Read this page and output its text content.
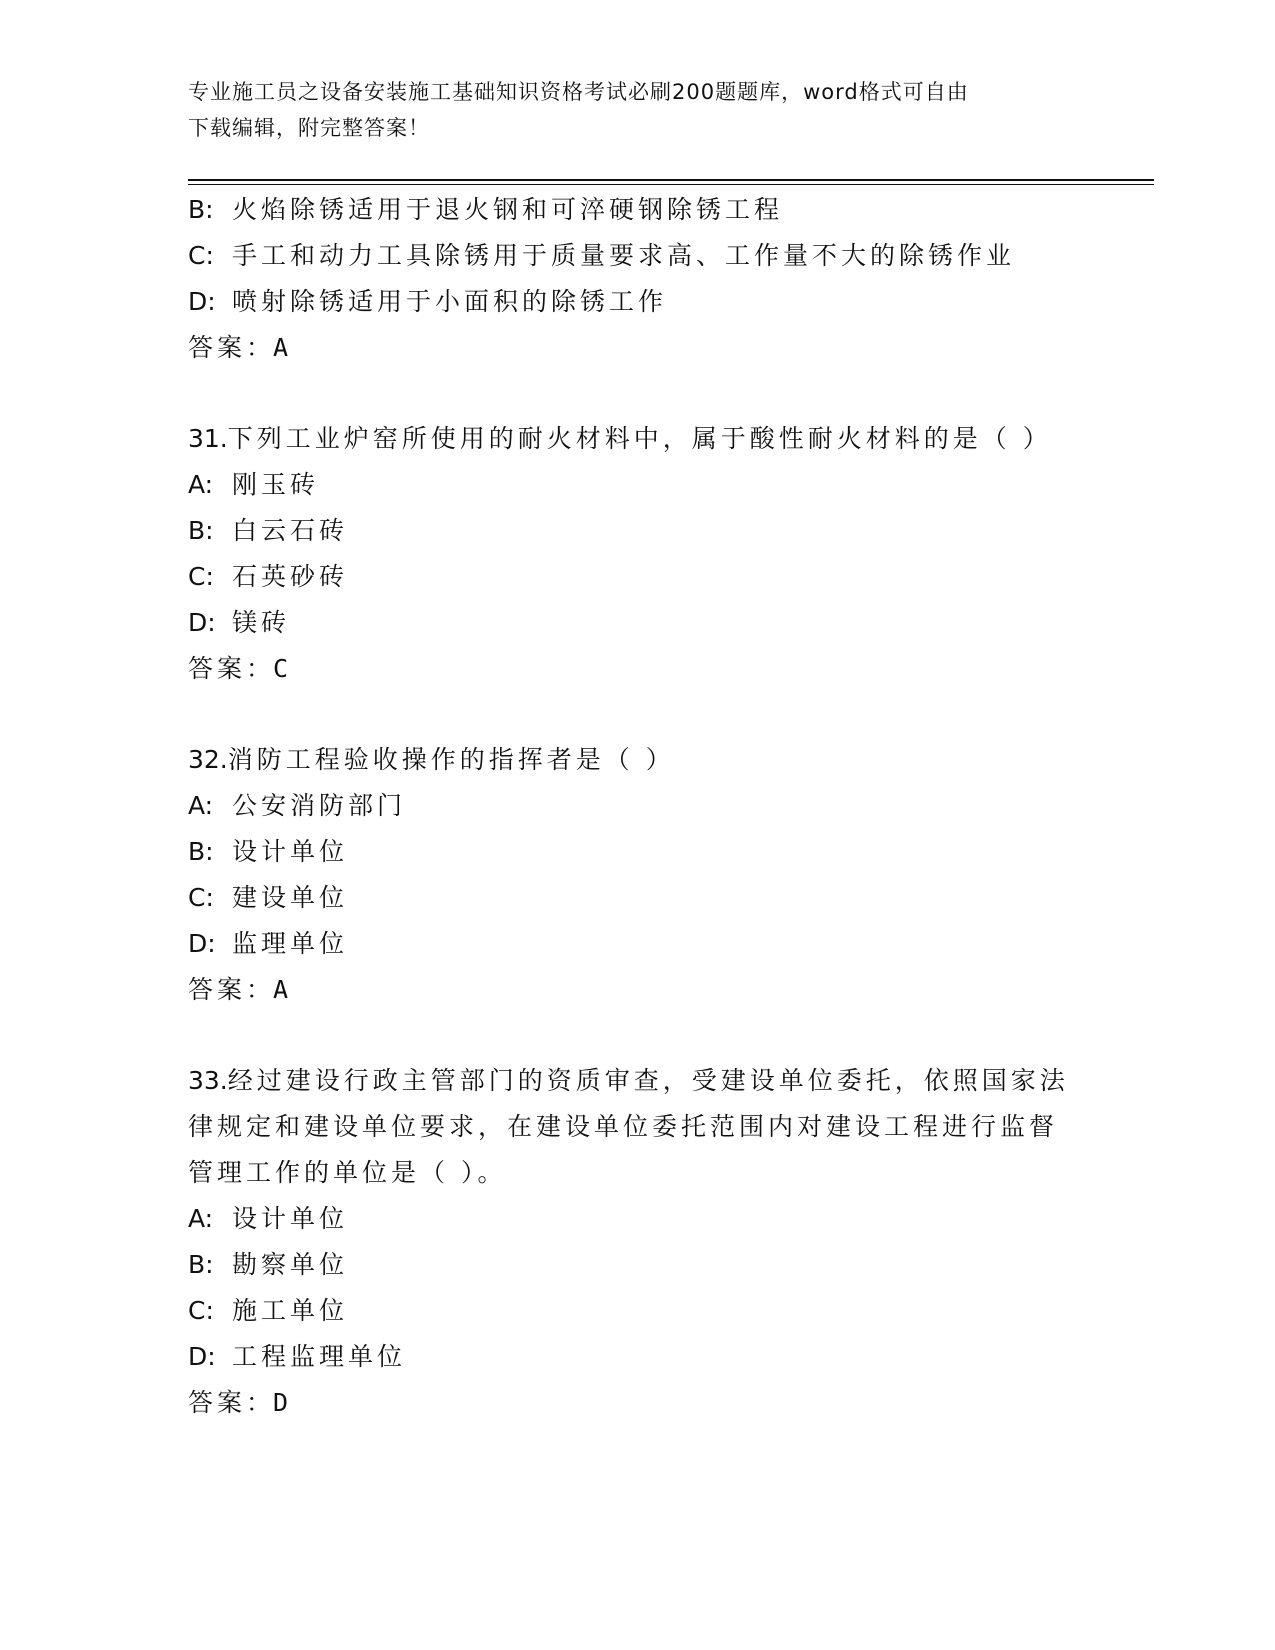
专业施工员之设备安装施工基础知识资格考试必刷200题题库，word格式可自由
下载编辑，附完整答案！
B: 火焰除锈适用于退火钢和可淬硬钢除锈工程
C: 手工和动力工具除锈用于质量要求高、工作量不大的除锈作业
D: 喷射除锈适用于小面积的除锈工作
答案：A
31.下列工业炉窑所使用的耐火材料中，属于酸性耐火材料的是（ ）
A: 刚玉砖
B: 白云石砖
C: 石英砂砖
D: 镁砖
答案：C
32.消防工程验收操作的指挥者是（ ）
A: 公安消防部门
B: 设计单位
C: 建设单位
D: 监理单位
答案：A
33.经过建设行政主管部门的资质审查，受建设单位委托，依照国家法
律规定和建设单位要求，在建设单位委托范围内对建设工程进行监督
管理工作的单位是（ ）。
A: 设计单位
B: 勘察单位
C: 施工单位
D: 工程监理单位
答案：D
